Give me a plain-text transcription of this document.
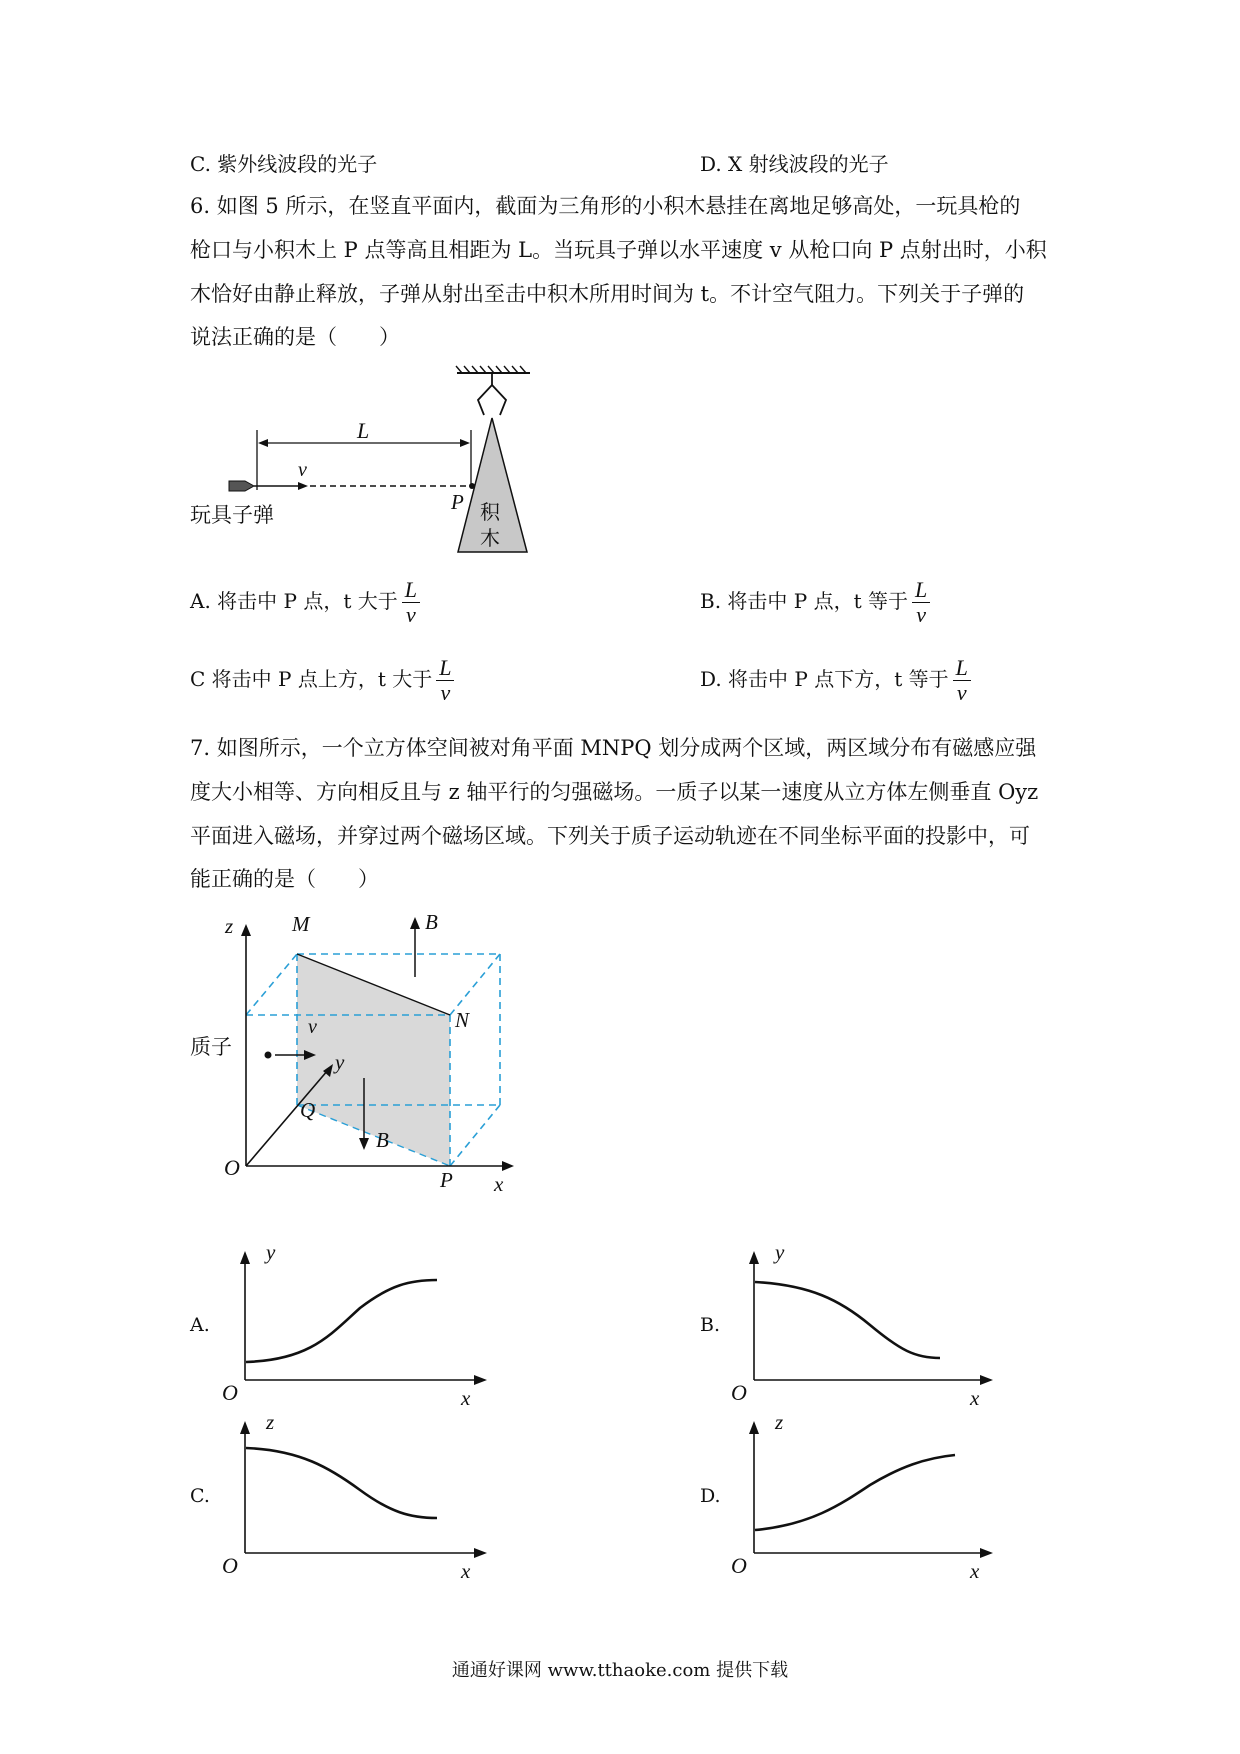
C. 紫外线波段的光子	D. X 射线波段的光子
6. 如图 5 所示，在竖直平面内，截面为三角形的小积木悬挂在离地足够高处，一玩具枪的
枪口与小积木上 P 点等高且相距为 L。当玩具子弹以水平速度 v 从枪口向 P 点射出时，小积
木恰好由静止释放，子弹从射出至击中积木所用时间为 t。不计空气阻力。下列关于子弹的
说法正确的是（　　）
L
v
P
玩具子弹	积
木
A. 将击中 P 点，t 大于 $\frac{L}{v}$	B. 将击中 P 点，t 等于 $\frac{L}{v}$
C 将击中 P 点上方，t 大于 $\frac{L}{v}$	D. 将击中 P 点下方，t 等于 $\frac{L}{v}$
7. 如图所示，一个立方体空间被对角平面 MNPQ 划分成两个区域，两区域分布有磁感应强
度大小相等、方向相反且与 z 轴平行的匀强磁场。一质子以某一速度从立方体左侧垂直 Oyz
平面进入磁场，并穿过两个磁场区域。下列关于质子运动轨迹在不同坐标平面的投影中，可
能正确的是（　　）
z	M	B
N
质子
v
y
Q
B
O	P x
A.
y
O	x
B.
y
O	x
C.
z
O	x
D.
z
O	x
通通好课网 www.tthaoke.com 提供下载
